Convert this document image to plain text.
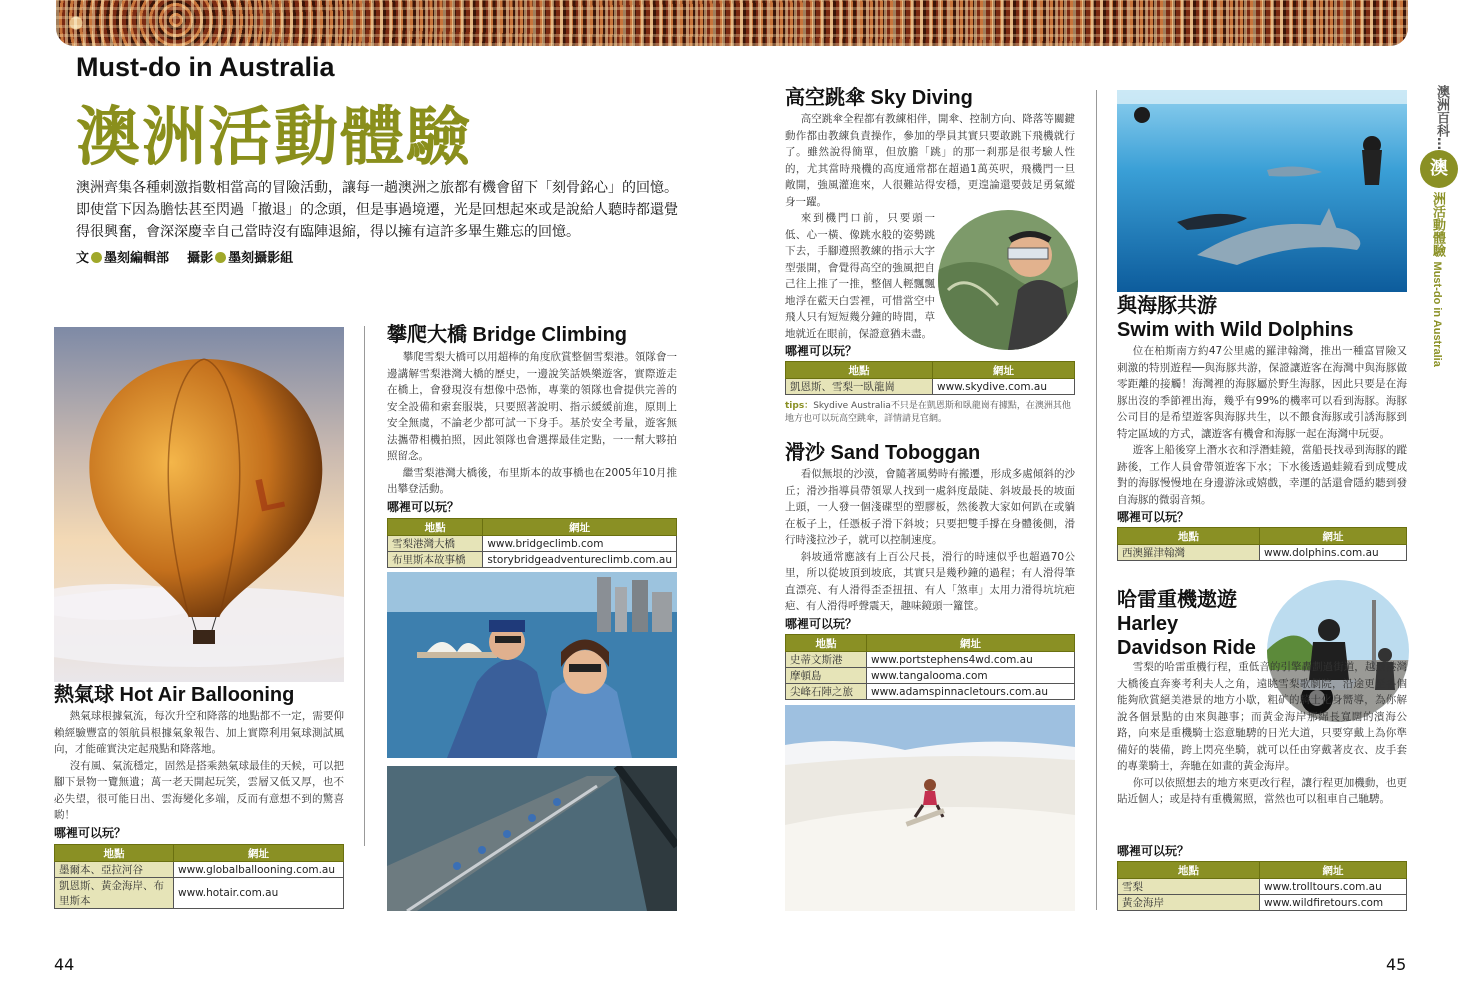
Must-do in Australia
澳洲活動體驗
澳洲齊集各種刺激指數相當高的冒險活動，讓每一趟澳洲之旅都有機會留下「刻骨銘心」的回憶。即使當下因為膽怯甚至閃過「撤退」的念頭，但是事過境遷，光是回想起來或是說給人聽時都還覺得很興奮，會深深慶幸自己當時沒有臨陣退縮，得以擁有這許多畢生難忘的回憶。
文 墨刻編輯部 攝影 墨刻攝影組
L
熱氣球 Hot Air Ballooning

熱氣球根據氣流，每次升空和降落的地點都不一定，需要仰賴經驗豐富的領航員根據氣象報告、加上實際利用氣球測試風向，才能確實決定起飛點和降落地。

沒有風、氣流穩定，固然是搭乘熱氣球最佳的天候，可以把腳下景物一覽無遺；萬一老天開起玩笑，雲層又低又厚，也不必失望，很可能日出、雲海變化多端，反而有意想不到的驚喜喲！

哪裡可以玩？
地點	網址
墨爾本、亞拉河谷	www.globalballooning.com.au
凱恩斯、黃金海岸、布里斯本	www.hotair.com.au
攀爬大橋 Bridge Climbing

攀爬雪梨大橋可以用超棒的角度欣賞整個雪梨港。領隊會一邊講解雪梨港灣大橋的歷史，一邊說笑話娛樂遊客，實際遊走在橋上，會發現沒有想像中恐怖，專業的領隊也會提供完善的安全設備和索套服裝，只要照著說明、指示緩緩前進，原則上安全無虞，不論老少都可試一下身手。基於安全考量，遊客無法攜帶相機拍照，因此領隊也會選擇最佳定點，一一幫大夥拍照留念。

繼雪梨港灣大橋後，布里斯本的故事橋也在2005年10月推出攀登活動。

哪裡可以玩？
地點	網址
雪梨港灣大橋	www.bridgeclimb.com
布里斯本故事橋	storybridgeadventureclimb.com.au
高空跳傘 Sky Diving

高空跳傘全程都有教練相伴，開傘、控制方向、降落等關鍵動作都由教練負責操作，參加的學員其實只要敢跳下飛機就行了。雖然說得簡單，但放膽「跳」的那一剎那是很考驗人性的，尤其當時飛機的高度通常都在超過1萬英呎，飛機門一旦敞開，強風灌進來，人很難站得安穩，更遑論還要鼓足勇氣縱身一躍。

來到機門口前，只要頭一低、心一橫、像跳水般的姿勢跳下去，手腳遵照教練的指示大字型張開，會覺得高空的強風把自己往上推了一推，整個人輕飄飄地浮在藍天白雲裡，可惜當空中飛人只有短短幾分鐘的時間，草地就近在眼前，保證意猶未盡。

哪裡可以玩？
地點	網址
凱恩斯、雪梨一臥龍崗	www.skydive.com.au
tips：Skydive Australia不只是在凱恩斯和臥龍崗有據點，在澳洲其他地方也可以玩高空跳傘，詳情請見官網。
滑沙 Sand Toboggan

看似無垠的沙漠，會隨著風勢時有搬遷，形成多處傾斜的沙丘；滑沙指導員帶領眾人找到一處斜度最陡、斜坡最長的坡面上頭，一人發一個淺碟型的塑膠板，然後教大家如何趴在或躺在板子上，任憑板子滑下斜坡；只要把雙手撐在身體後側，滑行時淺拉沙子，就可以控制速度。

斜坡通常應該有上百公尺長，滑行的時速似乎也超過70公里，所以從坡頂到坡底，其實只是幾秒鐘的過程；有人滑得筆直漂亮、有人滑得歪歪扭扭、有人「煞車」太用力滑得坑坑疤疤、有人滑得呼聲震天，趣味鏡頭一籮筐。

哪裡可以玩？
地點	網址
史蒂文斯港	www.portstephens4wd.com.au
摩頓島	www.tangalooma.com
尖峰石陣之旅	www.adamspinnacletours.com.au
與海豚共游
Swim with Wild Dolphins

位在柏斯南方約47公里處的羅津翰灣，推出一種富冒險又刺激的特別遊程──與海豚共游，保證讓遊客在海灣中與海豚做零距離的接觸！海灣裡的海豚屬於野生海豚，因此只要是在海豚出沒的季節裡出海，幾乎有99%的機率可以看到海豚。海豚公司目的是希望遊客與海豚共生，以不餵食海豚或引誘海豚到特定區域的方式，讓遊客有機會和海豚一起在海灣中玩耍。

遊客上船後穿上潛水衣和浮潛蛙鏡，當船長找尋到海豚的蹤跡後，工作人員會帶領遊客下水；下水後透過蛙鏡看到成雙成對的海豚慢慢地在身邊游泳或嬉戲，幸運的話還會隱約聽到發自海豚的微弱音頻。

哪裡可以玩？
地點	網址
西澳羅津翰灣	www.dolphins.com.au
哈雷重機遨遊
Harley
Davidson Ride

雪梨的哈雷重機行程，重低音的引擎轟劃過街道，越過港灣大橋後直奔麥考利夫人之角，遠眺雪梨歌劇院，沿途更至各個能夠欣賞絕美港景的地方小歇，粗矿的騎士化身嚮導，為你解說各個景點的由來與趣事；而黃金海岸那綿長寬闊的濱海公路，向來是重機騎士恣意馳騁的日光大道，只要穿戴上為你準備好的裝備，跨上閃亮坐騎，就可以任由穿戴著皮衣、皮手套的專業騎士，奔馳在如畫的黃金海岸。

你可以依照想去的地方來更改行程，讓行程更加機動，也更貼近個人；或是持有重機駕照，當然也可以租車自己馳騁。

哪裡可以玩？
地點	網址
雪梨	www.trolltours.com.au
黃金海岸	www.wildfiretours.com
澳洲百科…
澳
洲活動體驗 Must-do in Australia
44	45
